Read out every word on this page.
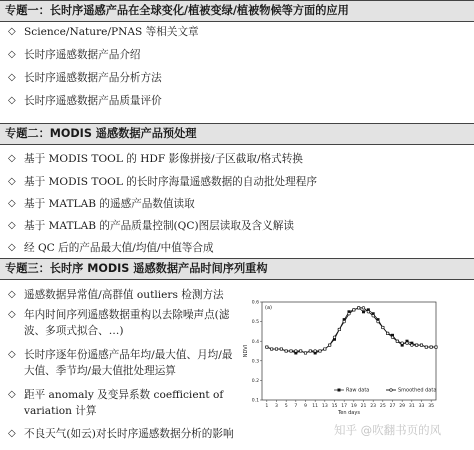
专题一：长时序遥感产品在全球变化/植被变绿/植被物候等方面的应用
◇ Science/Nature/PNAS 等相关文章
◇ 长时序遥感数据产品介绍
◇ 长时序遥感数据产品分析方法
◇ 长时序遥感数据产品质量评价
专题二：MODIS 遥感数据产品预处理
◇ 基于 MODIS TOOL 的 HDF 影像拼接/子区截取/格式转换
◇ 基于 MODIS TOOL 的长时序海量遥感数据的自动批处理程序
◇ 基于 MATLAB 的遥感产品数值读取
◇ 基于 MATLAB 的产品质量控制(QC)图层读取及含义解读
◇ 经 QC 后的产品最大值/均值/中值等合成
专题三：长时序 MODIS 遥感数据产品时间序列重构
◇ 遥感数据异常值/高群值 outliers 检测方法
◇ 年内时间序列遥感数据重构以去除噪声点(滤波、多项式拟合、…)
◇ 长时序逐年份遥感产品年均/最大值、月均/最大值、季节均/最大值批处理运算
◇ 距平 anomaly 及变异系数 coefficient of variation 计算
◇ 不良天气(如云)对长时序遥感数据分析的影响
0.1
0.2
0.3
0.4
0.5
0.6
1 3 5 7 9 11 13 15 17 19 21 23 25 27 29 31 33 35
Ten days
NDVI
(a)
Raw data	Smoothed data
知乎 @吹翻书页的风
